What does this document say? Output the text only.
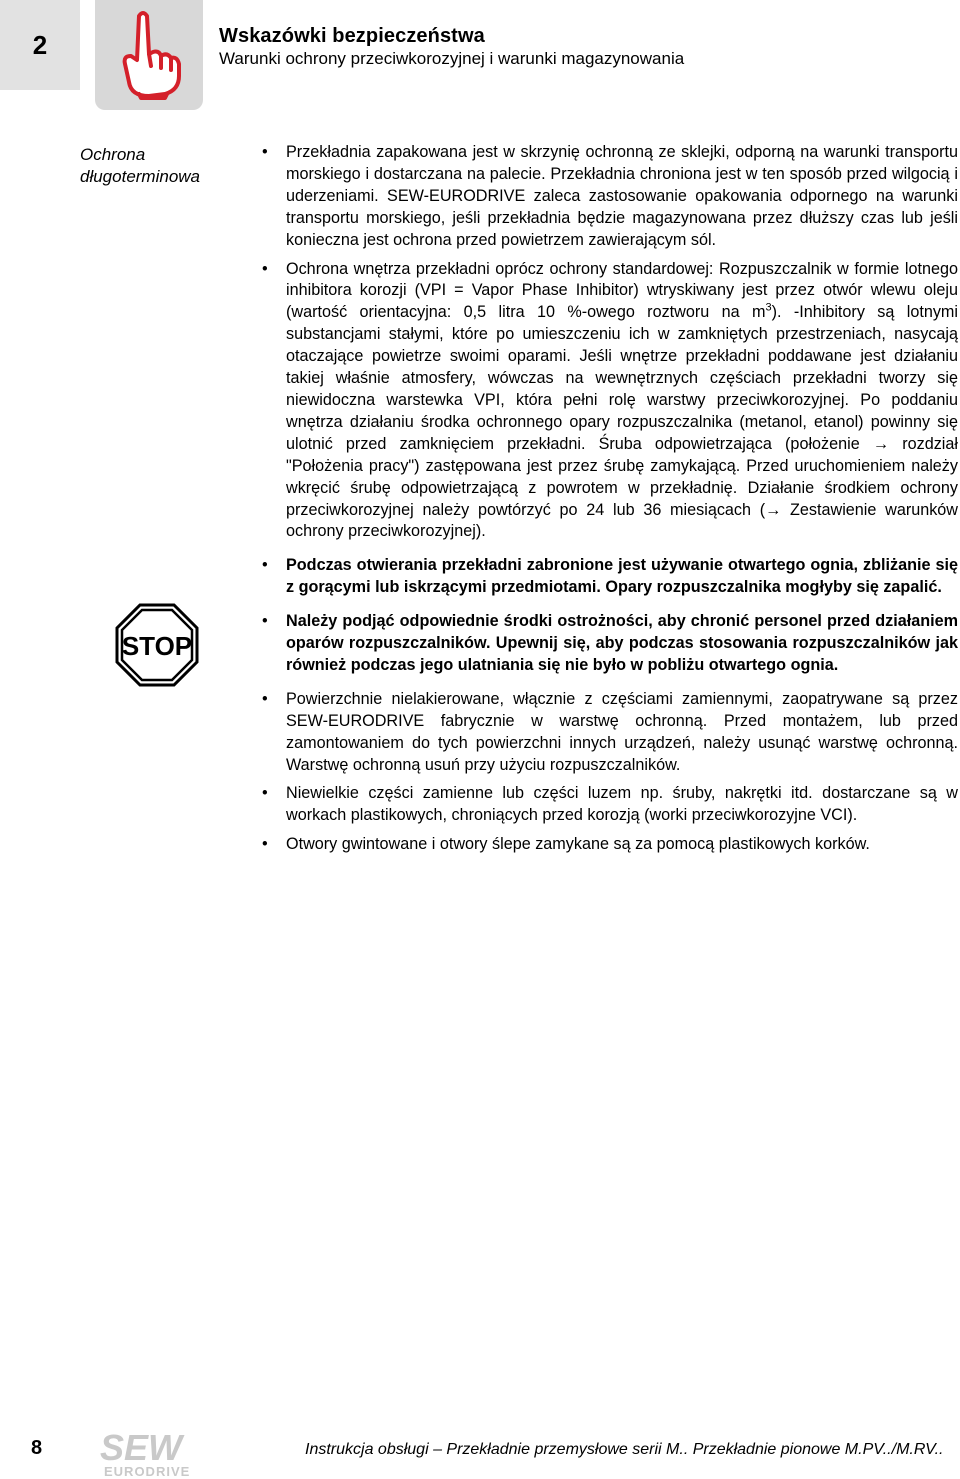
2	Wskazówki bezpieczeństwa
Warunki ochrony przeciwkorozyjnej i warunki magazynowania
Ochrona długoterminowa
STOP
• Przekładnia zapakowana jest w skrzynię ochronną ze sklejki, odporną na warunki transportu morskiego i dostarczana na palecie. Przekładnia chroniona jest w ten sposób przed wilgocią i uderzeniami. SEW-EURODRIVE zaleca zastosowanie opakowania odpornego na warunki transportu morskiego, jeśli przekładnia będzie magazynowana przez dłuższy czas lub jeśli konieczna jest ochrona przed powietrzem zawierającym sól.
• Ochrona wnętrza przekładni oprócz ochrony standardowej: Rozpuszczalnik w formie lotnego inhibitora korozji (VPI = Vapor Phase Inhibitor) wtryskiwany jest przez otwór wlewu oleju (wartość orientacyjna: 0,5 litra 10 %-owego roztworu na $m^3$). -Inhibitory są lotnymi substancjami stałymi, które po umieszczeniu ich w zamkniętych przestrzeniach, nasycają otaczające powietrze swoimi oparami. Jeśli wnętrze przekładni poddawane jest działaniu takiej właśnie atmosfery, wówczas na wewnętrznych częściach przekładni tworzy się niewidoczna warstewka VPI, która pełni rolę warstwy przeciwkorozyjnej. Po poddaniu wnętrza działaniu środka ochronnego opary rozpuszczalnika (metanol, etanol) powinny się ulotnić przed zamknięciem przekładni. Śruba odpowietrzająca (położenie → rozdział "Położenia pracy") zastępowana jest przez śrubę zamykającą. Przed uruchomieniem należy wkręcić śrubę odpowietrzającą z powrotem w przekładnię. Działanie środkiem ochrony przeciwkorozyjnej należy powtórzyć po 24 lub 36 miesiącach (→ Zestawienie warunków ochrony przeciwkorozyjnej).
• Podczas otwierania przekładni zabronione jest używanie otwartego ognia, zbliżanie się z gorącymi lub iskrzącymi przedmiotami. Opary rozpuszczalnika mogłyby się zapalić.
• Należy podjąć odpowiednie środki ostrożności, aby chronić personel przed działaniem oparów rozpuszczalników. Upewnij się, aby podczas stosowania rozpuszczalników jak również podczas jego ulatniania się nie było w pobliżu otwartego ognia.
• Powierzchnie nielakierowane, włącznie z częściami zamiennymi, zaopatrywane są przez SEW-EURODRIVE fabrycznie w warstwę ochronną. Przed montażem, lub przed zamontowaniem do tych powierzchni innych urządzeń, należy usunąć warstwę ochronną. Warstwę ochronną usuń przy użyciu rozpuszczalników.
• Niewielkie części zamienne lub części luzem np. śruby, nakrętki itd. dostarczane są w workach plastikowych, chroniących przed korozją (worki przeciwkorozyjne VCI).
• Otwory gwintowane i otwory ślepe zamykane są za pomocą plastikowych korków.
8 SEW
EURODRIVE
Instrukcja obsługi – Przekładnie przemysłowe serii M.. Przekładnie pionowe M.PV../M.RV..
